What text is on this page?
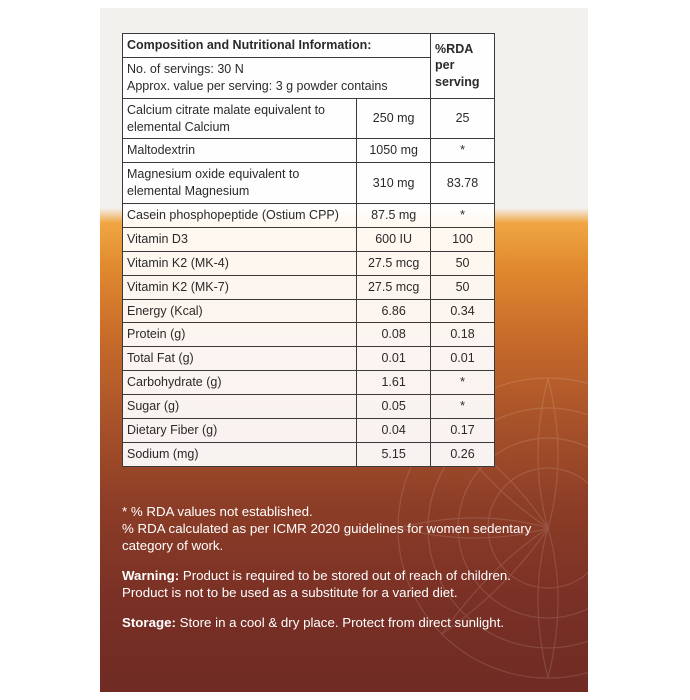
Composition and Nutritional Information:		%RDA per serving

No. of servings: 30 N
Approx. value per serving: 3 g powder contains		

Calcium citrate malate equivalent to elemental Calcium	250 mg	25
Maltodextrin	1050 mg	*
Magnesium oxide equivalent to elemental Magnesium	310 mg	83.78
Casein phosphopeptide (Ostium CPP)	87.5 mg	*
Vitamin D3	600 IU	100
Vitamin K2 (MK-4)	27.5 mcg	50
Vitamin K2 (MK-7)	27.5 mcg	50
Energy (Kcal)	6.86	0.34
Protein (g)	0.08	0.18
Total Fat (g)	0.01	0.01
Carbohydrate (g)	1.61	*
Sugar (g)	0.05	*
Dietary Fiber (g)	0.04	0.17
Sodium (mg)	5.15	0.26

* % RDA values not established.

% RDA calculated as per ICMR 2020 guidelines for women sedentary category of work.

Warning: Product is required to be stored out of reach of children. Product is not to be used as a substitute for a varied diet.

Storage: Store in a cool & dry place. Protect from direct sunlight.
